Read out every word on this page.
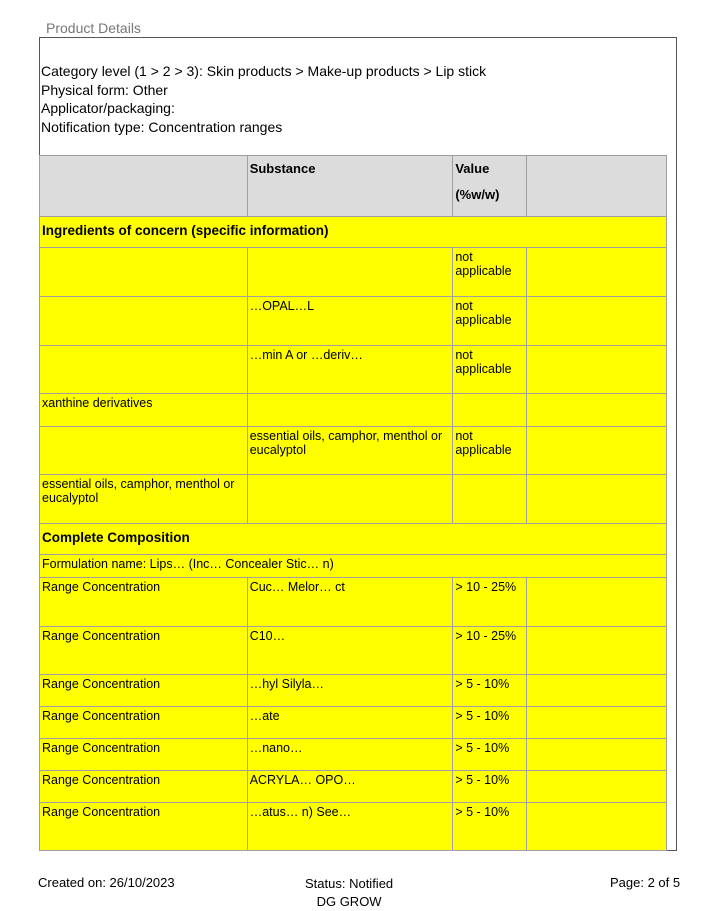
Product Details
Category level (1 > 2 > 3): Skin products > Make-up products > Lip stick
Physical form: Other
Applicator/packaging:
Notification type: Concentration ranges
	Substance	Value
(%w/w)	

Ingredients of concern (specific information)			
		not applicable	
	…OPAL…L	not applicable	
	…min A or …deriv…	not applicable	
xanthine derivatives			
	essential oils, camphor, menthol or eucalyptol	not applicable	
essential oils, camphor, menthol or eucalyptol			
Complete Composition			
Formulation name: Lips… (Inc… Concealer Stic… n)			
Range Concentration	Cuc… Melor… ct	> 10 - 25%	
Range Concentration	C10…	> 10 - 25%	
Range Concentration	…hyl Silyla…	> 5 - 10%	
Range Concentration	…ate	> 5 - 10%	
Range Concentration	…nano…	> 5 - 10%	
Range Concentration	ACRYLA… OPO…	> 5 - 10%	
Range Concentration	…atus… n) See…	> 5 - 10%	
Created on: 26/10/2023	Status: Notified
DG GROW
Page: 2 of 5
